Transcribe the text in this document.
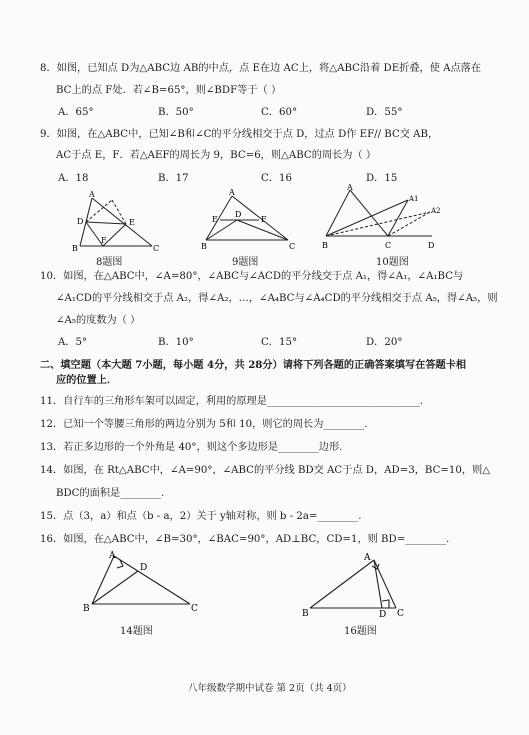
8．如图，已知点 D为△ABC边 AB的中点，点 E在边 AC上，将△ABC沿着 DE折叠，使 A点落在
BC上的点 F处．若∠B=65°，则∠BDF等于（ ）
A．65°	B．50°	C．60°	D．55°
9．如图，在△ABC中，已知∠B和∠C的平分线相交于点 D，过点 D作 EF// BC交 AB，
AC于点 E，F．若△AEF的周长为 9，BC=6，则△ABC的周长为（ ）
A．18	B．17	C．16	D．15
A
D	E
B
F
C
8题图
A
D
E	F
B	C
9题图
A
A1
A2
B	C	D
10题图
10．如图，在△ABC中，∠A=80°，∠ABC与∠ACD的平分线交于点 A₁，得∠A₁，∠A₁BC与
∠A₁CD的平分线相交于点 A₂，得∠A₂，…，∠A₄BC与∠A₄CD的平分线相交于点 A₅，得∠A₅，则
∠A₅的度数为（ ）
A．5°	B．10°	C．15°	D．20°
二、填空题（本大题 7小题，每小题 4分，共 28分）请将下列各题的正确答案填写在答题卡相
应的位置上．
11．自行车的三角形车架可以固定，利用的原理是______________________________.
12．已知一个等腰三角形的两边分别为 5和 10，则它的周长为________.
13．若正多边形的一个外角是 40°，则这个多边形是________边形.
14．如图，在 Rt△ABC中，∠A=90°，∠ABC的平分线 BD交 AC于点 D，AD=3，BC=10，则△
BDC的面积是________.
15．点（3，a）和点（b - a，2）关于 y轴对称，则 b - 2a=________.
16．如图，在△ABC中，∠B=30°，∠BAC=90°，AD⊥BC，CD=1，则 BD=________.
A
D
B	C
14题图
A
B	D C
16题图
八年级数学期中试卷 第 2页（共 4页）
